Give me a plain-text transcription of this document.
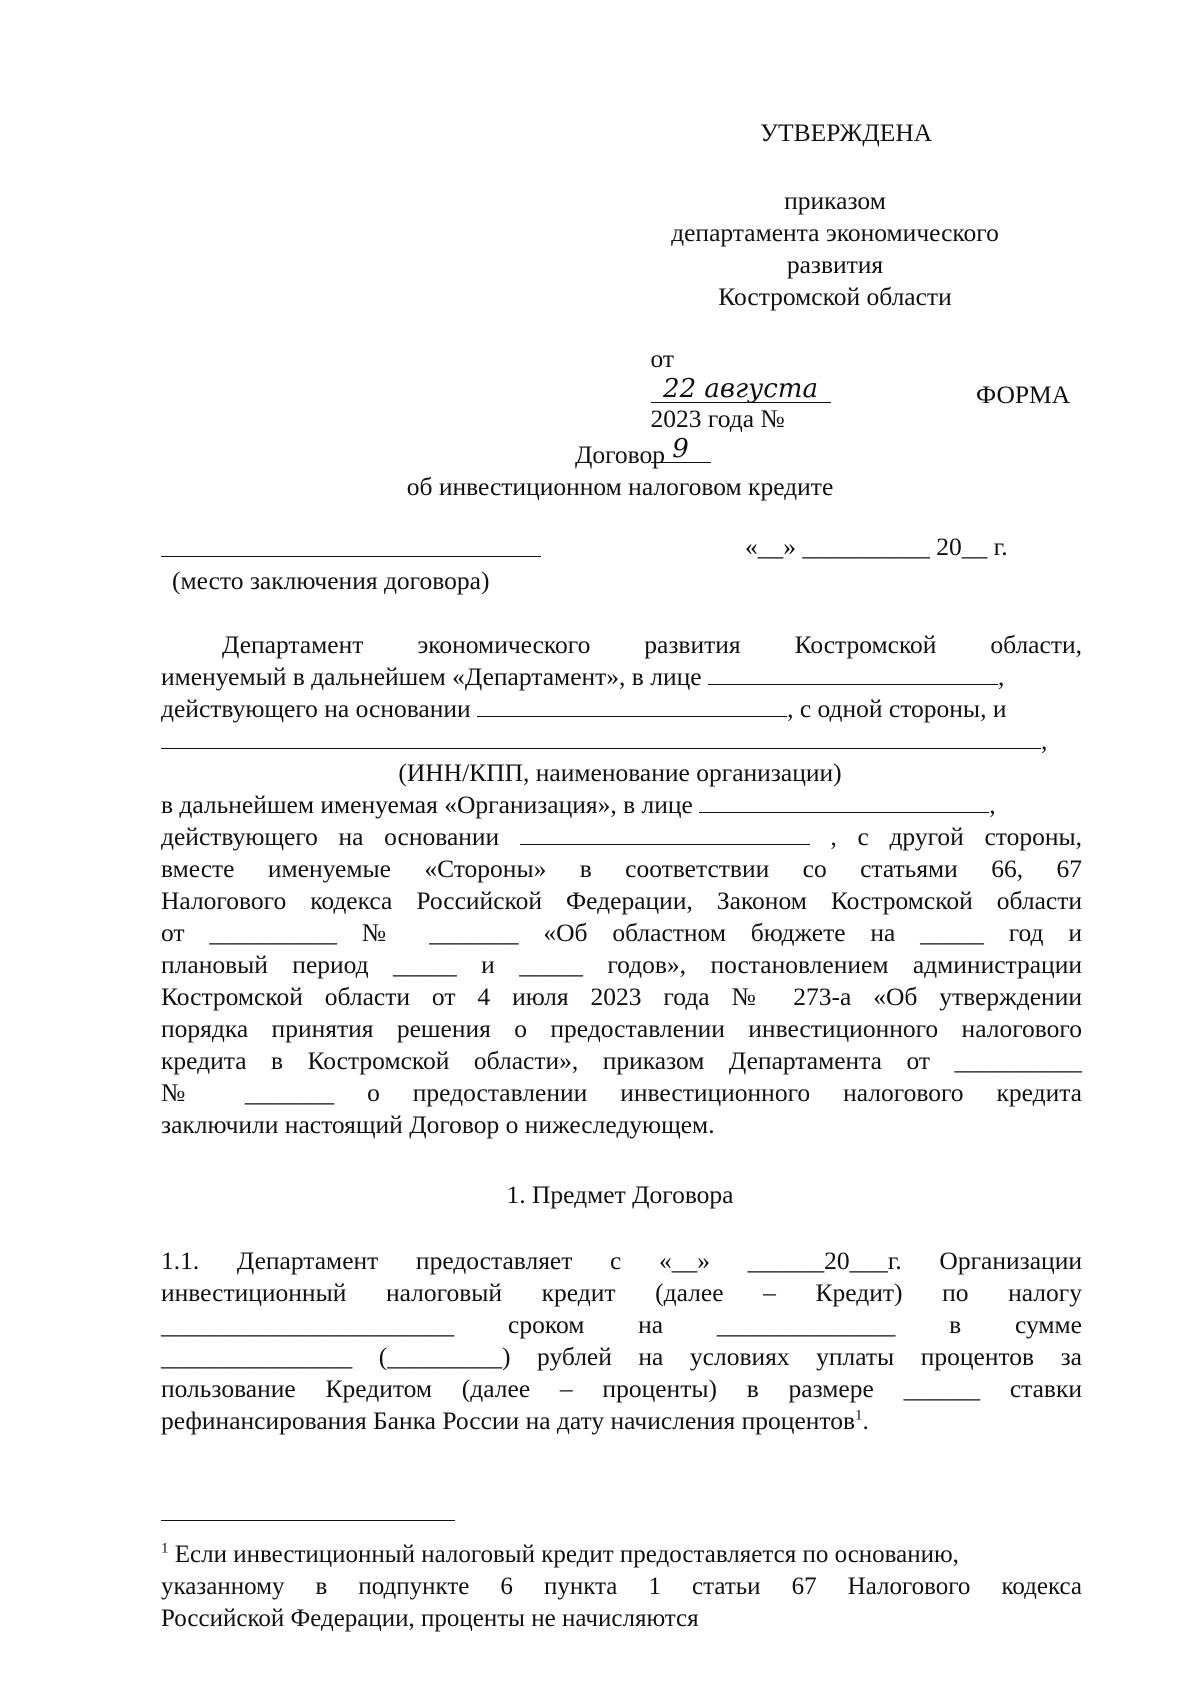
УТВЕРЖДЕНА
приказом
департамента экономического
развития
Костромской области

от
22 августа
2023 года №
9

ФОРМА
Договор
об инвестиционном налоговом кредите
«__» __________ 20__ г.
(место заключения договора)
Департамент экономического развития Костромской области,
именуемый в дальнейшем «Департамент», в лице	,
действующего на основании	, с одной стороны, и
,
(ИНН/КПП, наименование организации)
в дальнейшем именуемая «Организация», в лице	,
действующего на основании	, с другой стороны,
вместе именуемые «Стороны» в соответствии со статьями 66, 67
Налогового кодекса Российской Федерации, Законом Костромской области
от __________ № _______ «Об областном бюджете на _____ год и
плановый период _____ и _____ годов», постановлением администрации
Костромской области от 4 июля 2023 года № 273-а «Об утверждении
порядка принятия решения о предоставлении инвестиционного налогового
кредита в Костромской области», приказом Департамента от __________
№ _______ о предоставлении инвестиционного налогового кредита
заключили настоящий Договор о нижеследующем.
1. Предмет Договора
1.1. Департамент предоставляет с «__» ______20___г. Организации
инвестиционный налоговый кредит (далее – Кредит) по налогу
_______________________ сроком на ______________ в сумме
_______________ (_________) рублей на условиях уплаты процентов за
пользование Кредитом (далее – проценты) в размере ______ ставки
рефинансирования Банка России на дату начисления процентов$^1$.
$^1$ Если инвестиционный налоговый кредит предоставляется по основанию,
указанному в подпункте 6 пункта 1 статьи 67 Налогового кодекса
Российской Федерации, проценты не начисляются
